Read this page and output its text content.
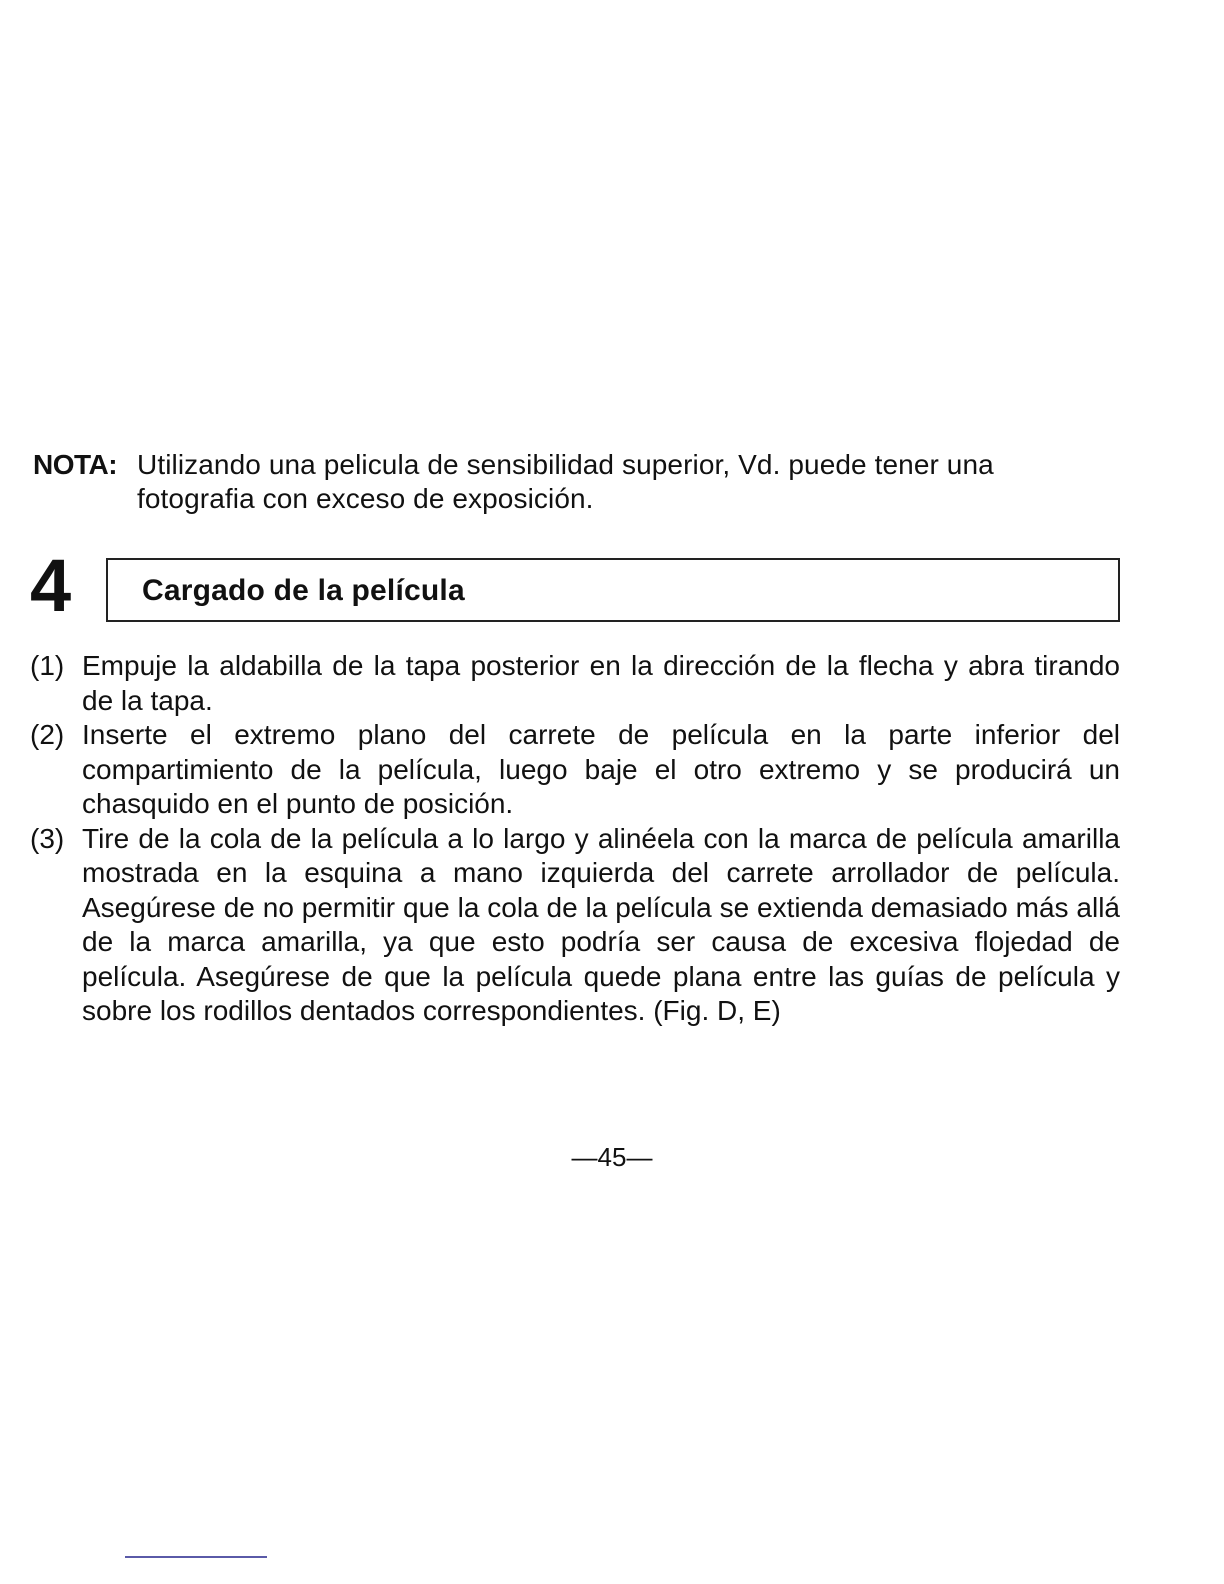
NOTA: Utilizando una pelicula de sensibilidad superior, Vd. puede tener una fotografia con exceso de exposición.
4 Cargado de la película
(1) Empuje la aldabilla de la tapa posterior en la dirección de la flecha y abra tirando de la tapa.
(2) Inserte el extremo plano del carrete de película en la parte inferior del compartimiento de la película, luego baje el otro extremo y se producirá un chasquido en el punto de posición.
(3) Tire de la cola de la película a lo largo y alinéela con la marca de película amarilla mostrada en la esquina a mano izquierda del carrete arrollador de película. Asegúrese de no permitir que la cola de la película se extienda demasiado más allá de la marca amarilla, ya que esto podría ser causa de excesiva flojedad de película. Asegúrese de que la película quede plana entre las guías de película y sobre los rodillos dentados correspondientes. (Fig. D, E)
—45—
